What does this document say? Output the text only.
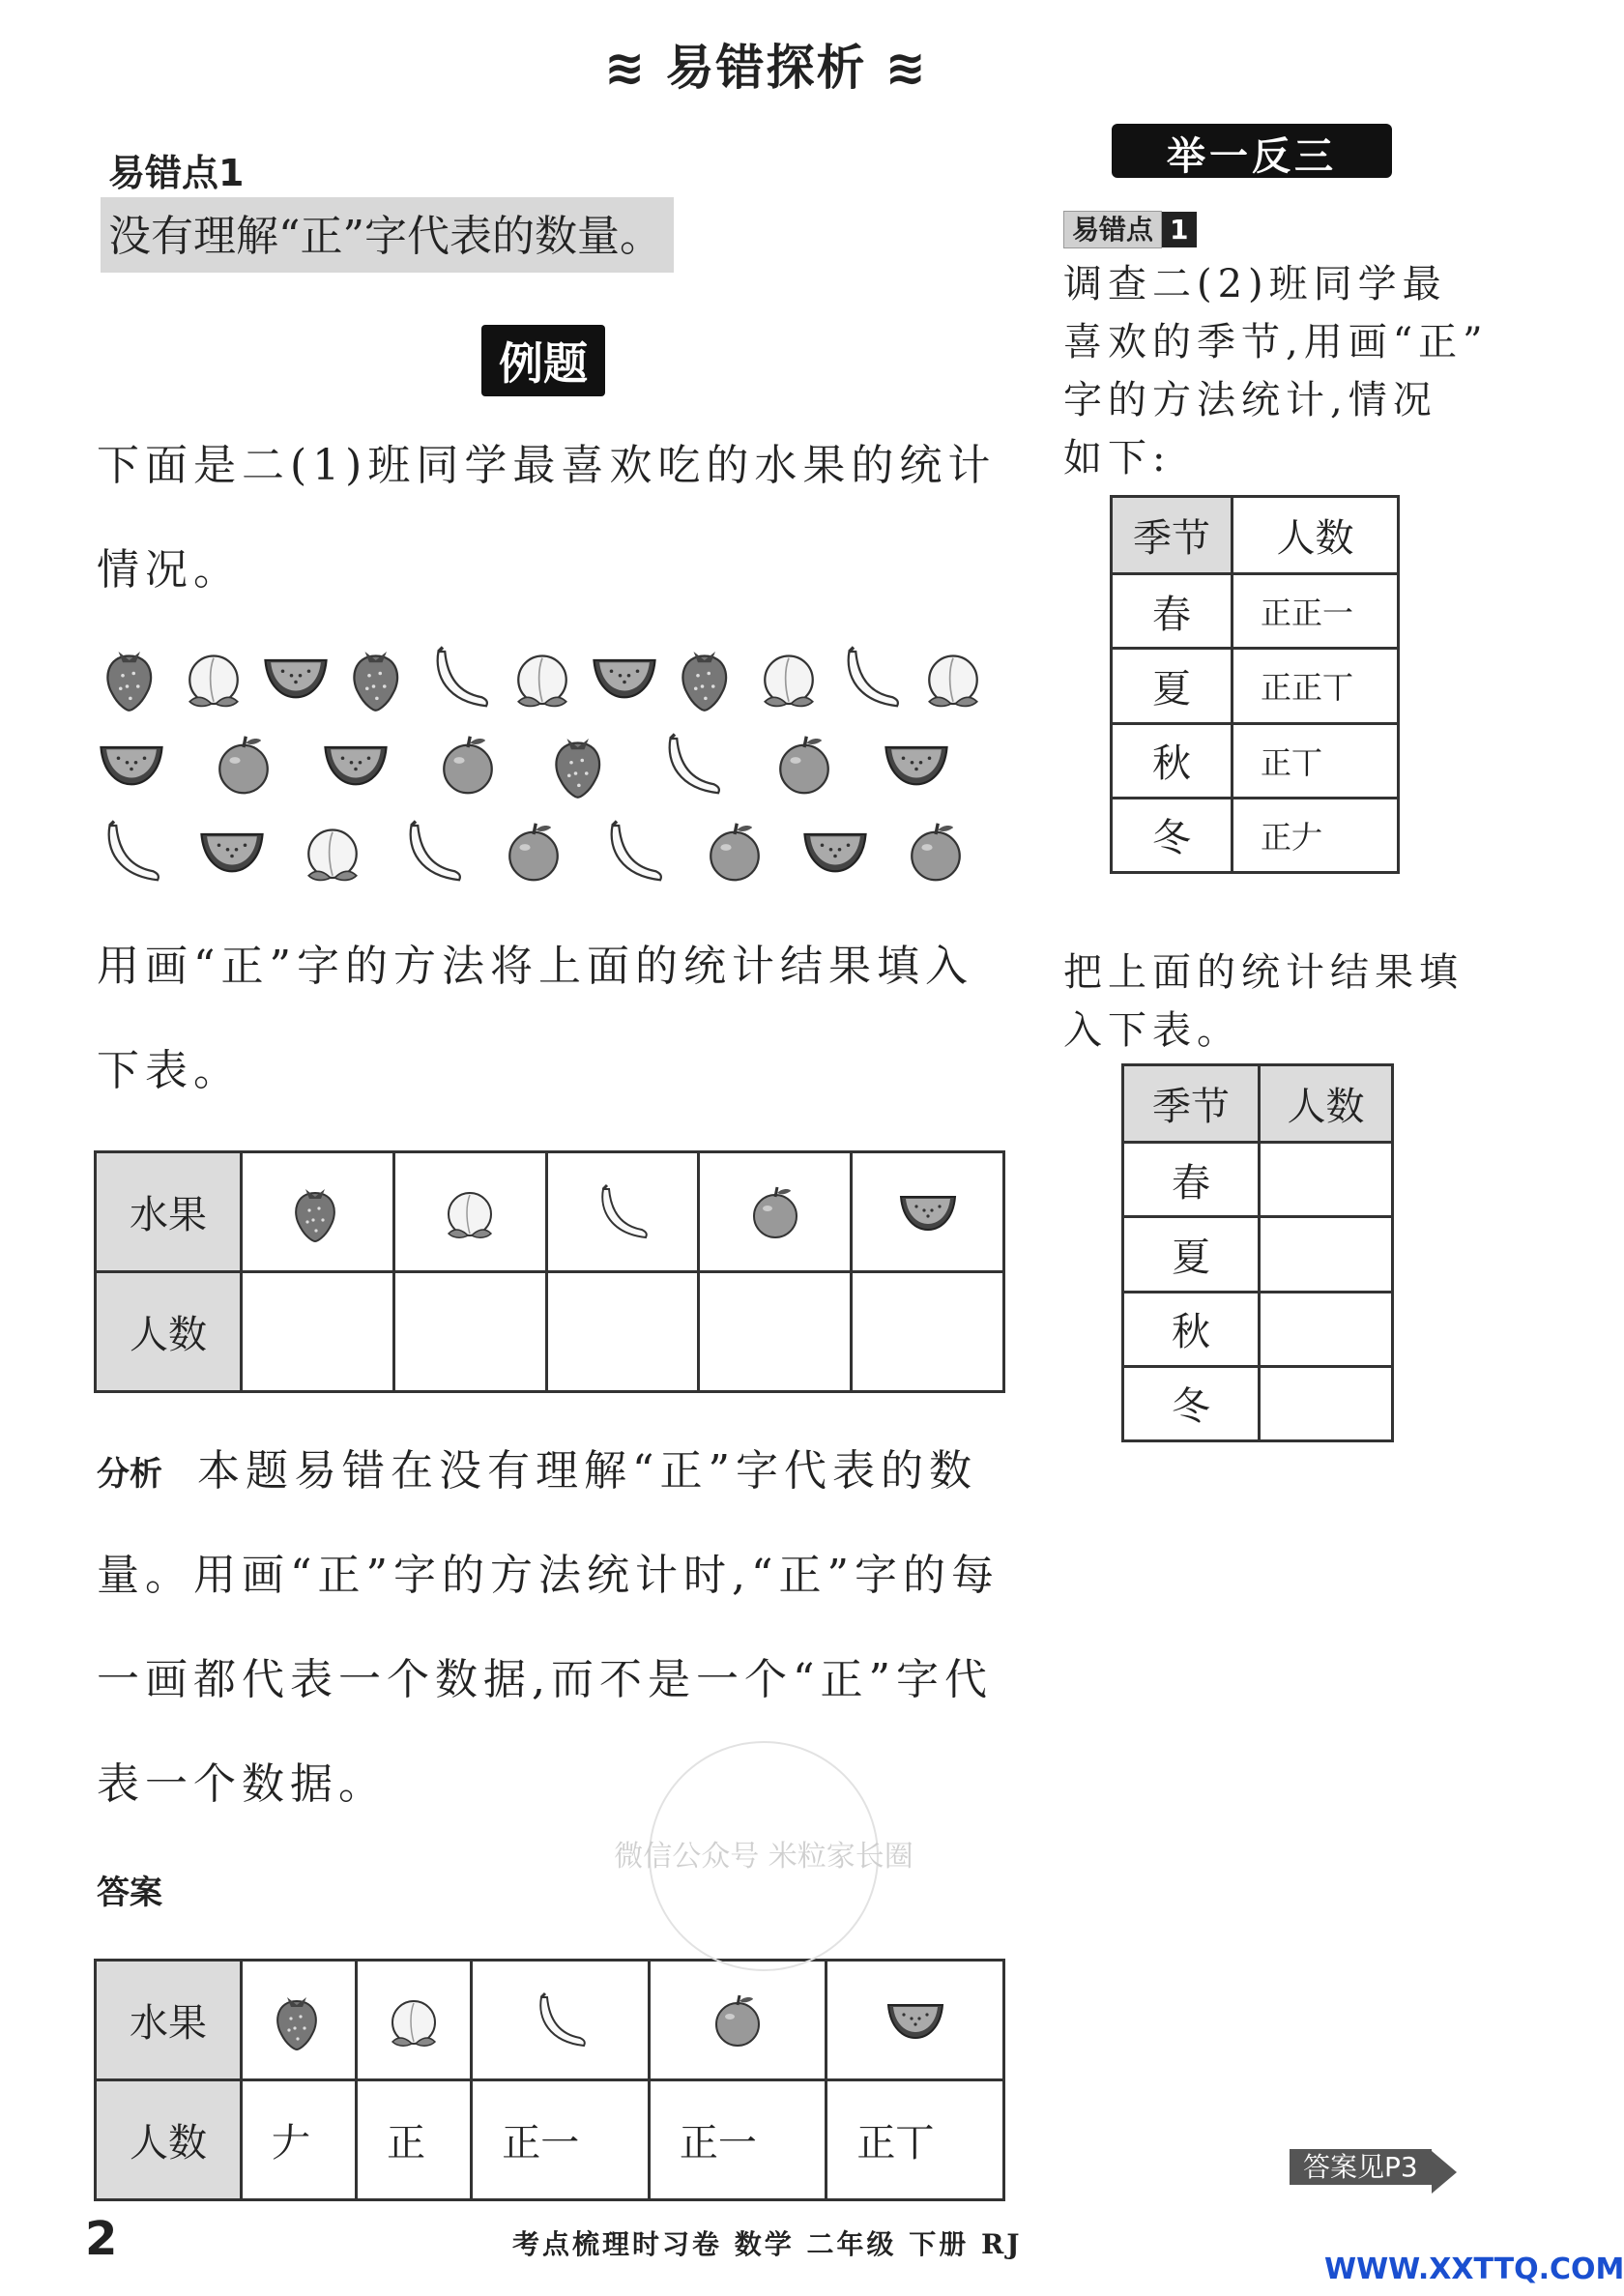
≋ 易错探析 ≋
易错点1
没有理解“正”字代表的数量。
例题
下面是二(1)班同学最喜欢吃的水果的统计
情况。
用画“正”字的方法将上面的统计结果填入
下表。
水果	

人数					
分析 本题易错在没有理解“正”字代表的数
量。用画“正”字的方法统计时,“正”字的每
一画都代表一个数据,而不是一个“正”字代
表一个数据。
答案
水果	

人数	𠂇	正	正一	正一	正丅
微信公众号 米粒家长圈
举一反三
易错点 1
调查二(2)班同学最
喜欢的季节,用画“正”
字的方法统计,情况
如下:
季节	人数
春	正正一
夏	正正丅
秋	正丅
冬	正𠂇
把上面的统计结果填
入下表。
季节	人数
春	
夏	
秋	
冬	
答案见P3
2	考点梳理时习卷 数学 二年级 下册 RJ
WWW.XXTTQ.COM
